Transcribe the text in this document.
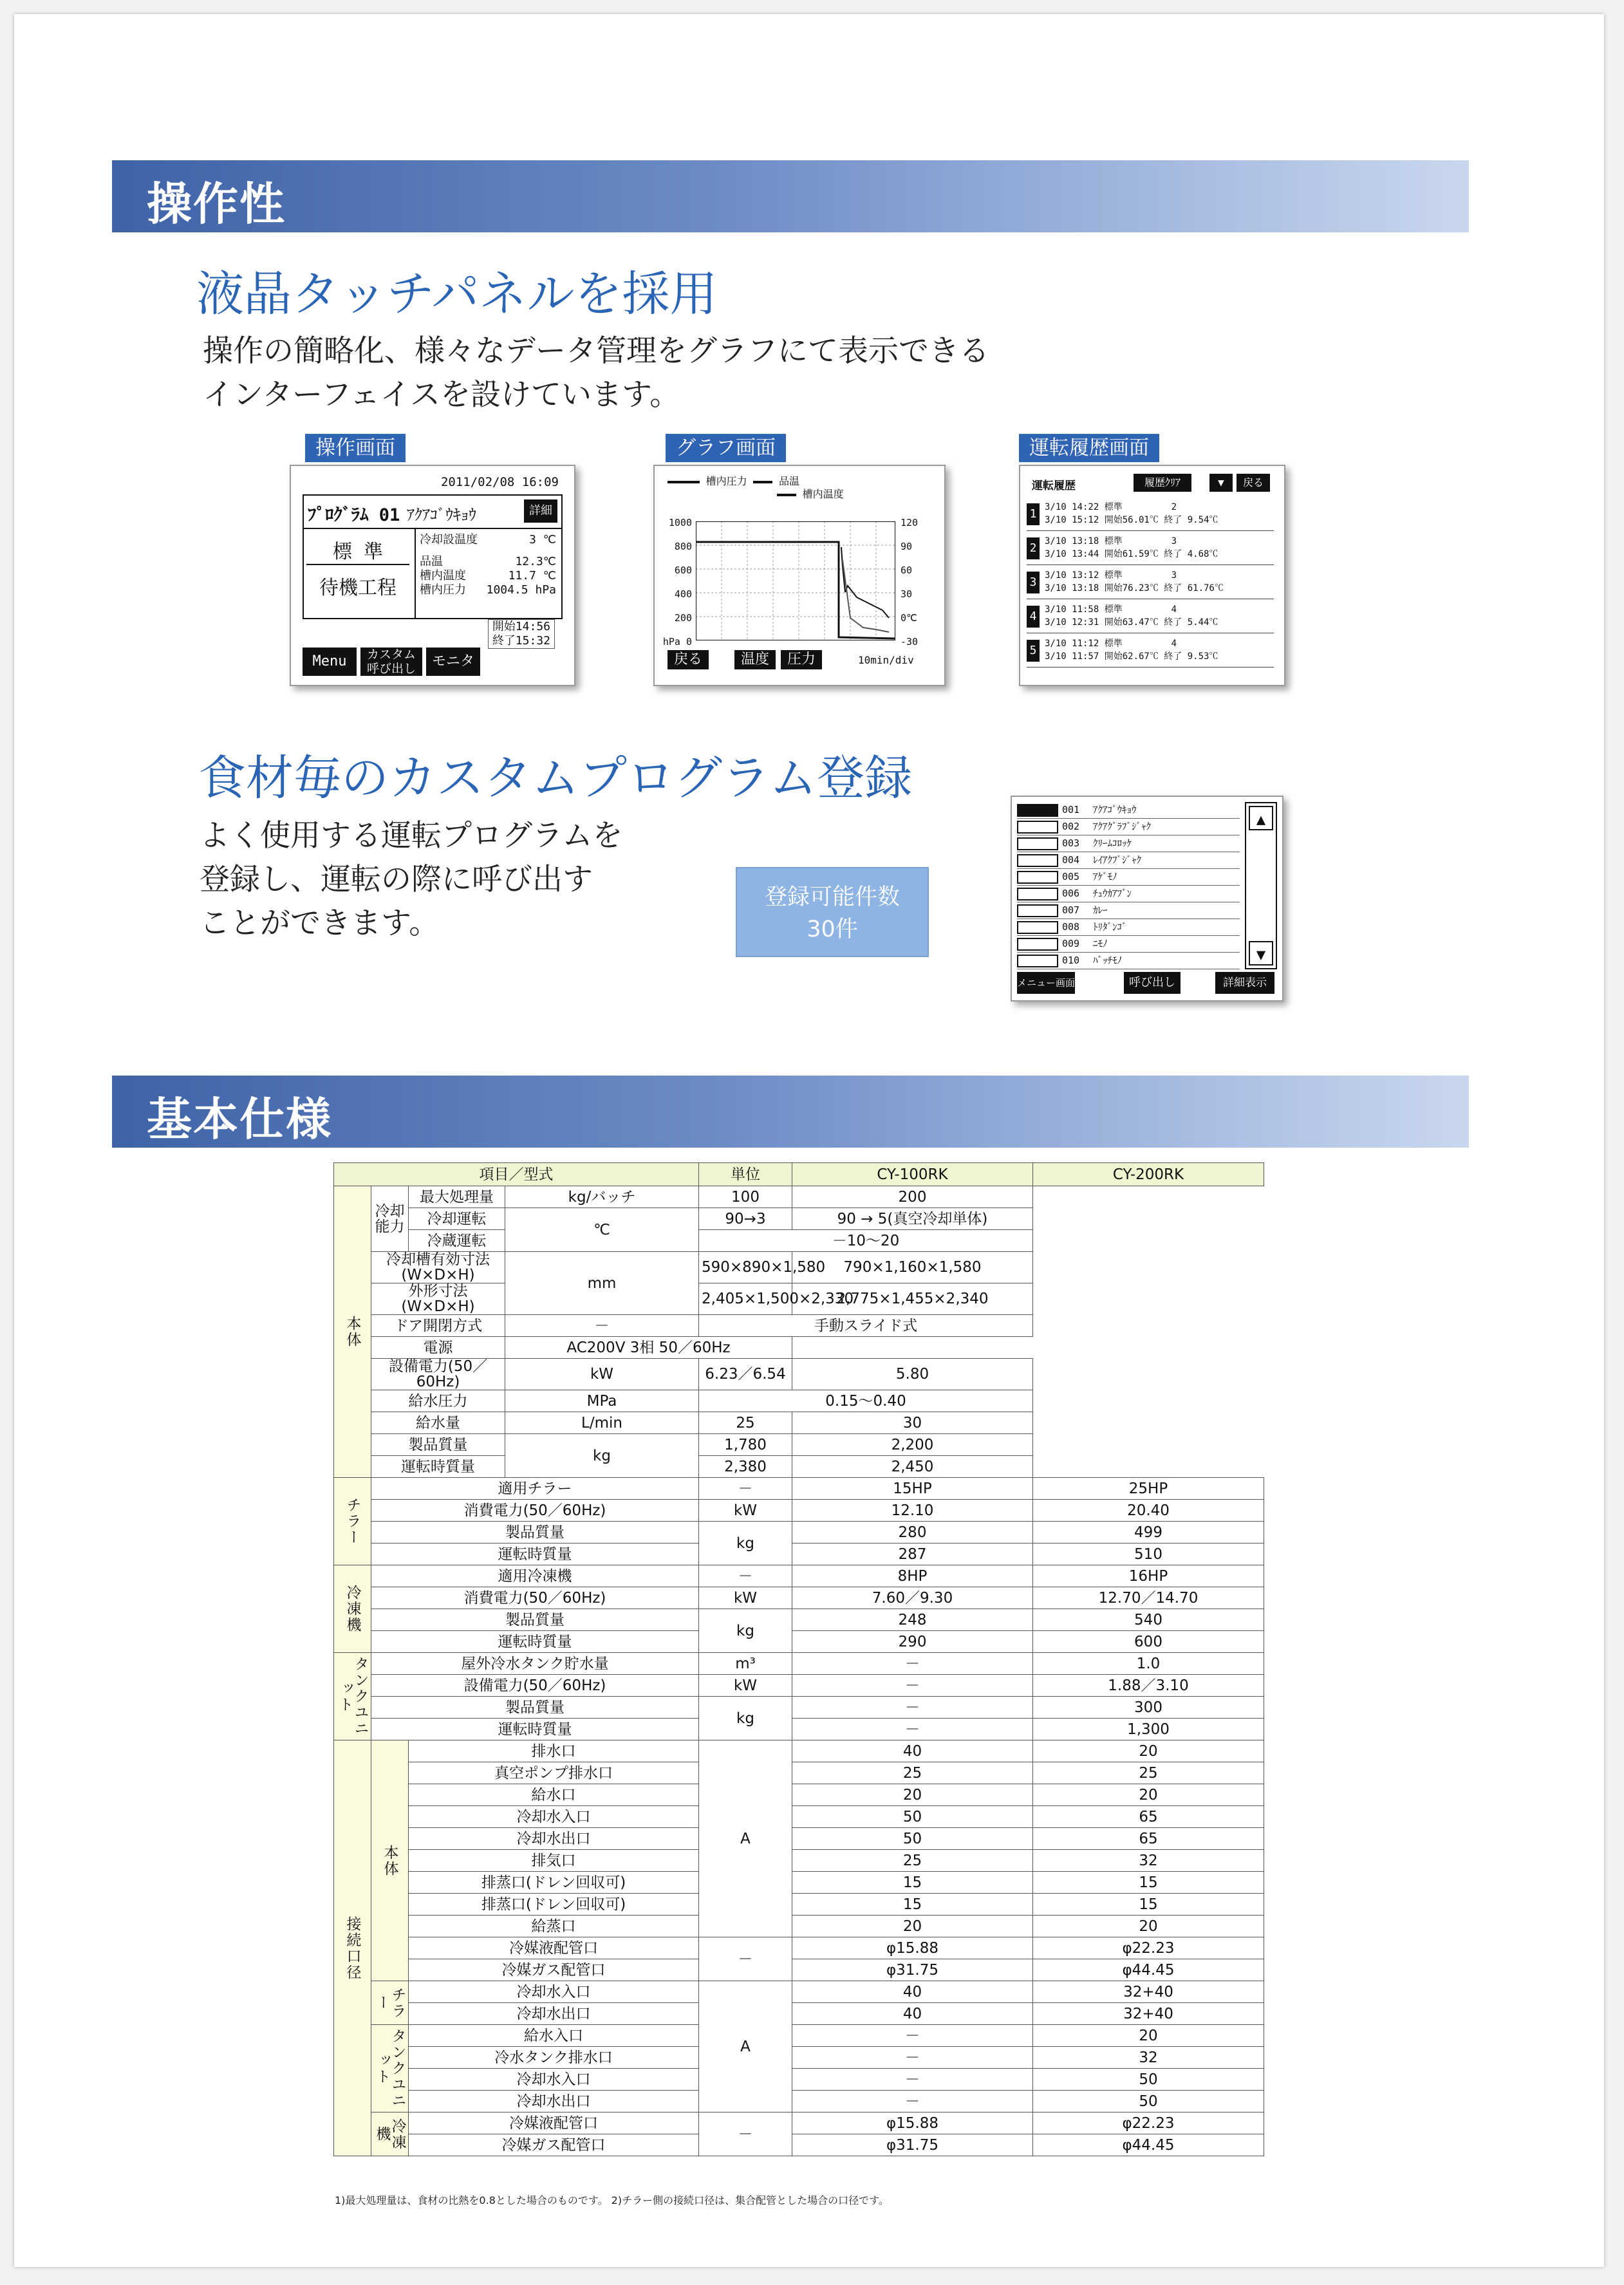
操作性
液晶タッチパネルを採用
操作の簡略化、様々なデータ管理をグラフにて表示できる
インターフェイスを設けています。
操作画面
2011/02/08 16:09
ﾌﾟﾛｸﾞﾗﾑ 01 ｱｸｱｺﾞｳｷｮｳ	詳細
標 準
待機工程
冷却設温度	3 ℃
品温	12.3℃
槽内温度	11.7 ℃
槽内圧力 1004.5 hPa
開始14:56
終了15:32
Menu	カスタム
呼び出し	モニタ
グラフ画面
槽内圧力	品温
槽内温度
1000
800
600
400
200
hPa 0
120
90
60
30
0℃
-30
戻る	温度	圧力	10min/div
運転履歴画面
運転履歴	履歴ｸﾘｱ	▼	戻る
1 3/10 14:22 標準         2
3/10 15:12 開始56.01℃ 終了 9.54℃
2 3/10 13:18 標準         3
3/10 13:44 開始61.59℃ 終了 4.68℃
3 3/10 13:12 標準         3
3/10 13:18 開始76.23℃ 終了 61.76℃
4 3/10 11:58 標準         4
3/10 12:31 開始63.47℃ 終了 5.44℃
5 3/10 11:12 標準         4
3/10 11:57 開始62.67℃ 終了 9.53℃
食材毎のカスタムプログラム登録
よく使用する運転プログラムを
登録し、運転の際に呼び出す
ことができます。
登録可能件数
30件
001 ｱｸｱｺﾞｳｷｮｳ
002 ｱｸｱｸﾞﾗﾌﾞｼﾞｬｸ
003 ｸﾘｰﾑｺﾛｯｹ
004 ﾚｲｱｸﾌﾞｼﾞｬｸ
005 ｱｹﾞﾓﾉ
006 ﾁｭｳｶｱﾌﾞﾝ
007 ｶﾚｰ
008 ﾄﾘﾀﾞﾝｺﾞ
009 ﾆﾓﾉ
010 ﾊﾞｯﾁﾓﾉ
▲
▼
メニュー画面	呼び出し	詳細表示
基本仕様
項目／型式				単位	CY-100RK	CY-200RK

本体	冷却能力	最大処理量	kg/バッチ	100	200	
		冷却運転	℃	90→3	90 → 5(真空冷却単体)	
		冷蔵運転		－10～20		
	冷却槽有効寸法(W×D×H)		mm	590×890×1,580	790×1,160×1,580	
	外形寸法(W×D×H)			2,405×1,500×2,330	2,775×1,455×2,340	
	ドア開閉方式		－	手動スライド式		
	電源		AC200V 3相 50／60Hz			
	設備電力(50／60Hz)		kW	6.23／6.54	5.80	
	給水圧力		MPa	0.15～0.40		
	給水量		L/min	25	30	
	製品質量		kg	1,780	2,200	
	運転時質量			2,380	2,450	

チラー	適用チラー			－	15HP	25HP
	消費電力(50／60Hz)			kW	12.10	20.40
	製品質量			kg	280	499
	運転時質量				287	510

冷凍機	適用冷凍機			－	8HP	16HP
	消費電力(50／60Hz)			kW	7.60／9.30	12.70／14.70
	製品質量			kg	248	540
	運転時質量				290	600

タンクユニット	屋外冷水タンク貯水量			m³	－	1.0
	設備電力(50／60Hz)			kW	－	1.88／3.10
	製品質量			kg	－	300
	運転時質量				－	1,300

接続口径	本体	排水口		A	40	20
		真空ポンプ排水口			25	25
		給水口			20	20
		冷却水入口			50	65
		冷却水出口			50	65
		排気口			25	32
		排蒸口(ドレン回収可)			15	15
		排蒸口(ドレン回収可)			15	15
		給蒸口			20	20
		冷媒液配管口		－	φ15.88	φ22.23
		冷媒ガス配管口			φ31.75	φ44.45

	チラー	冷却水入口		A	40	32+40
		冷却水出口			40	32+40

	タンクユニット	給水入口			－	20
		冷水タンク排水口			－	32
		冷却水入口			－	50
		冷却水出口			－	50

	冷凍機	冷媒液配管口		－	φ15.88	φ22.23
		冷媒ガス配管口			φ31.75	φ44.45
1)最大処理量は、食材の比熱を0.8とした場合のものです。 2)チラー側の接続口径は、集合配管とした場合の口径です。
